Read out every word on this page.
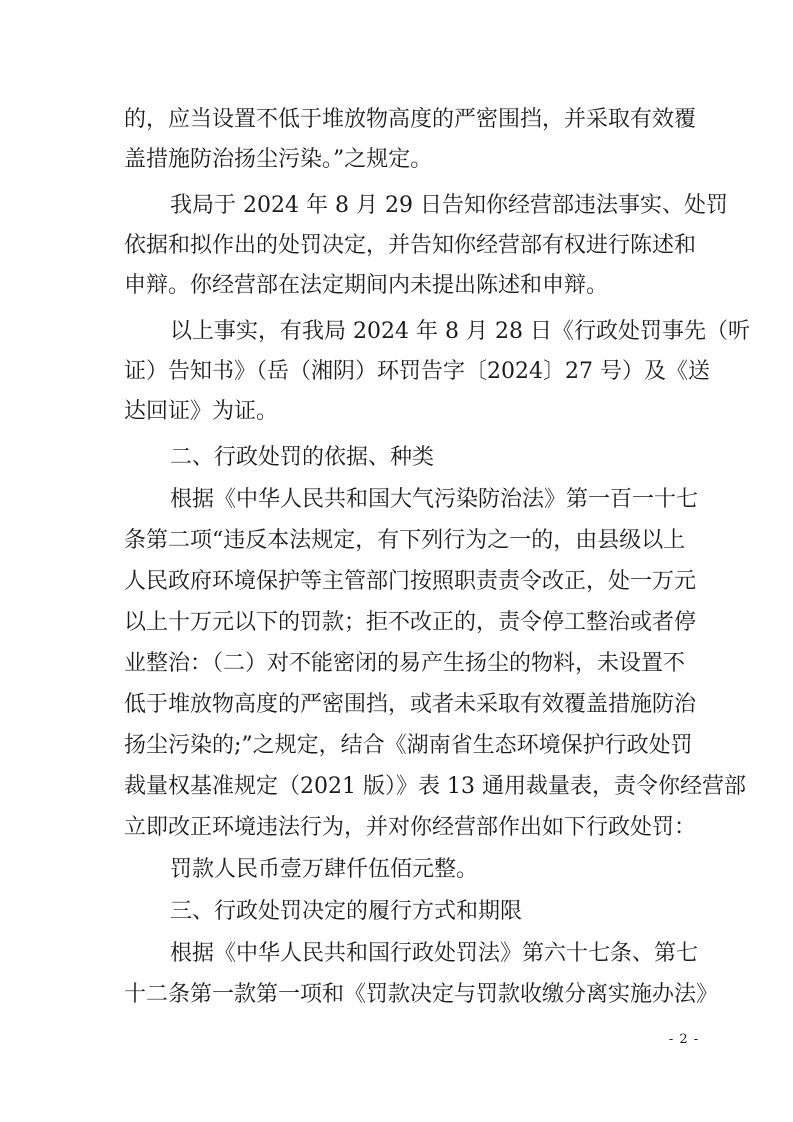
的，应当设置不低于堆放物高度的严密围挡，并采取有效覆
盖措施防治扬尘污染。”之规定。
我局于 2024 年 8 月 29 日告知你经营部违法事实、处罚
依据和拟作出的处罚决定，并告知你经营部有权进行陈述和
申辩。你经营部在法定期间内未提出陈述和申辩。
以上事实，有我局 2024 年 8 月 28 日《行政处罚事先（听
证）告知书》（岳（湘阴）环罚告字〔2024〕27 号）及《送
达回证》为证。
二、行政处罚的依据、种类
根据《中华人民共和国大气污染防治法》第一百一十七
条第二项“违反本法规定，有下列行为之一的，由县级以上
人民政府环境保护等主管部门按照职责责令改正，处一万元
以上十万元以下的罚款；拒不改正的，责令停工整治或者停
业整治：（二）对不能密闭的易产生扬尘的物料，未设置不
低于堆放物高度的严密围挡，或者未采取有效覆盖措施防治
扬尘污染的;”之规定，结合《湖南省生态环境保护行政处罚
裁量权基准规定（2021 版）》表 13 通用裁量表，责令你经营部
立即改正环境违法行为，并对你经营部作出如下行政处罚：
罚款人民币壹万肆仟伍佰元整。
三、行政处罚决定的履行方式和期限
根据《中华人民共和国行政处罚法》第六十七条、第七
十二条第一款第一项和《罚款决定与罚款收缴分离实施办法》
- 2 -
